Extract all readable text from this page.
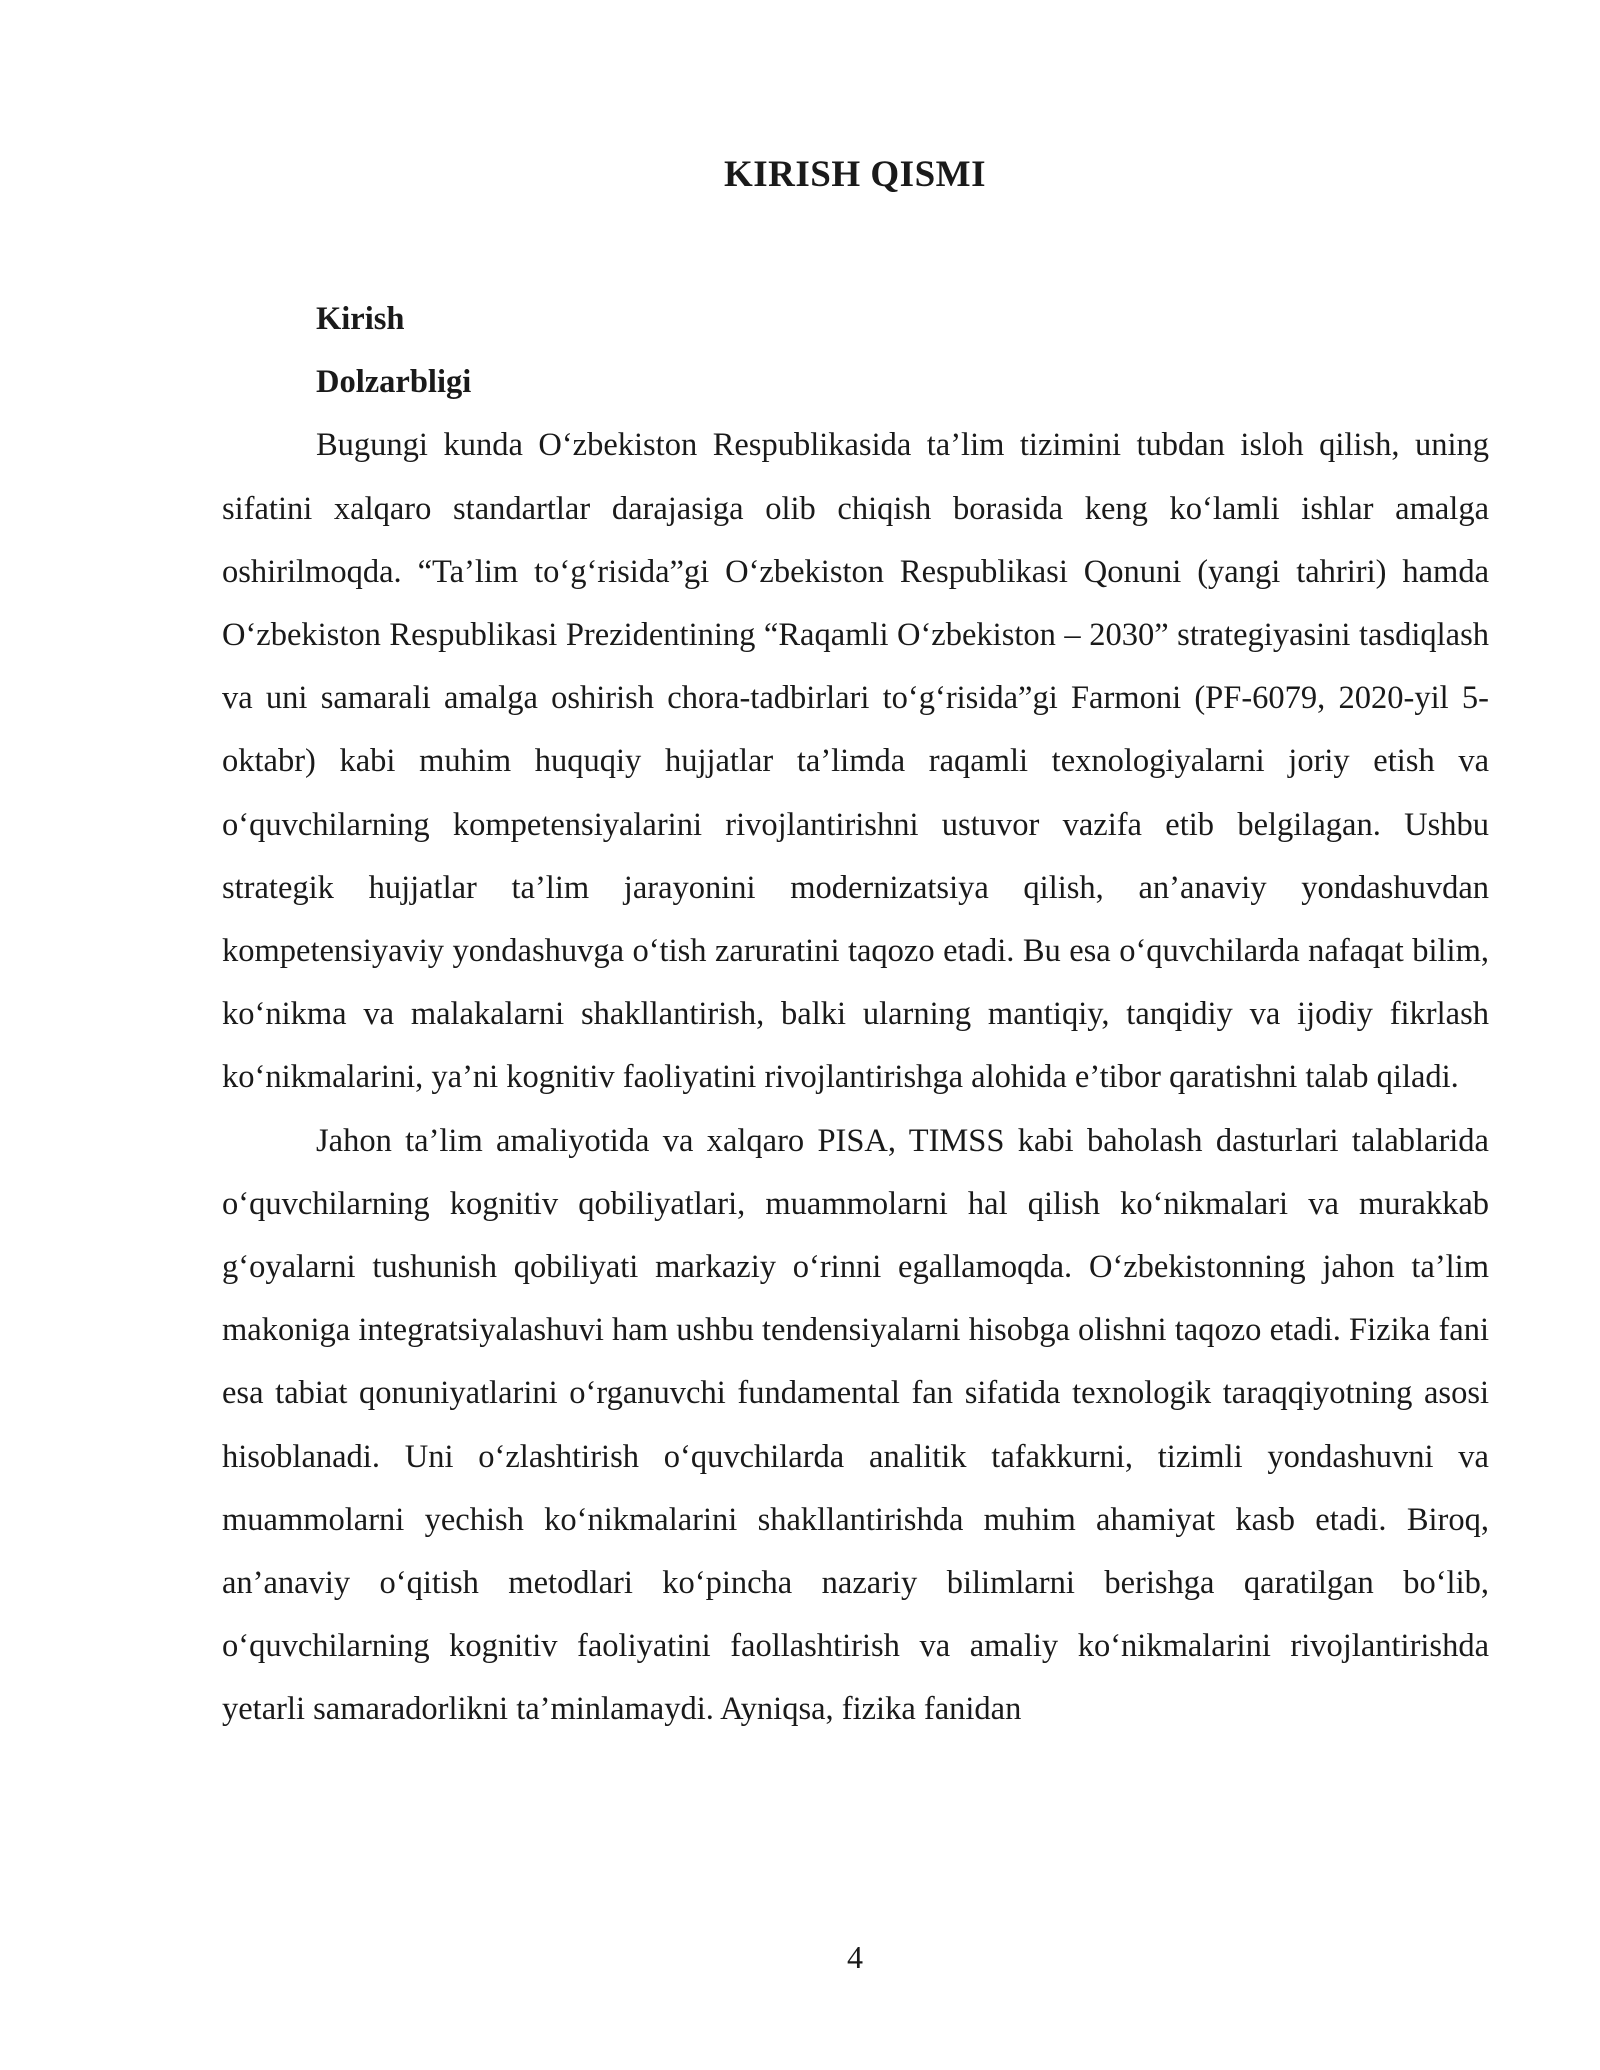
KIRISH QISMI

Kirish

Dolzarbligi

Bugungi kunda O‘zbekiston Respublikasida ta’lim tizimini tubdan isloh qilish, uning sifatini xalqaro standartlar darajasiga olib chiqish borasida keng ko‘lamli ishlar amalga oshirilmoqda. “Ta’lim to‘g‘risida”gi O‘zbekiston Respublikasi Qonuni (yangi tahriri) hamda O‘zbekiston Respublikasi Prezidentining “Raqamli O‘zbekiston – 2030” strategiyasini tasdiqlash va uni samarali amalga oshirish chora-tadbirlari to‘g‘risida”gi Farmoni (PF-6079, 2020-yil 5-oktabr) kabi muhim huquqiy hujjatlar ta’limda raqamli texnologiyalarni joriy etish va o‘quvchilarning kompetensiyalarini rivojlantirishni ustuvor vazifa etib belgilagan. Ushbu strategik hujjatlar ta’lim jarayonini modernizatsiya qilish, an’anaviy yondashuvdan kompetensiyaviy yondashuvga o‘tish zaruratini taqozo etadi. Bu esa o‘quvchilarda nafaqat bilim, ko‘nikma va malakalarni shakllantirish, balki ularning mantiqiy, tanqidiy va ijodiy fikrlash ko‘nikmalarini, ya’ni kognitiv faoliyatini rivojlantirishga alohida e’tibor qaratishni talab qiladi.

Jahon ta’lim amaliyotida va xalqaro PISA, TIMSS kabi baholash dasturlari talablarida o‘quvchilarning kognitiv qobiliyatlari, muammolarni hal qilish ko‘nikmalari va murakkab g‘oyalarni tushunish qobiliyati markaziy o‘rinni egallamoqda. O‘zbekistonning jahon ta’lim makoniga integratsiyalashuvi ham ushbu tendensiyalarni hisobga olishni taqozo etadi. Fizika fani esa tabiat qonuniyatlarini o‘rganuvchi fundamental fan sifatida texnologik taraqqiyotning asosi hisoblanadi. Uni o‘zlashtirish o‘quvchilarda analitik tafakkurni, tizimli yondashuvni va muammolarni yechish ko‘nikmalarini shakllantirishda muhim ahamiyat kasb etadi. Biroq, an’anaviy o‘qitish metodlari ko‘pincha nazariy bilimlarni berishga qaratilgan bo‘lib, o‘quvchilarning kognitiv faoliyatini faollashtirish va amaliy ko‘nikmalarini rivojlantirishda yetarli samaradorlikni ta’minlamaydi. Ayniqsa, fizika fanidan

4
